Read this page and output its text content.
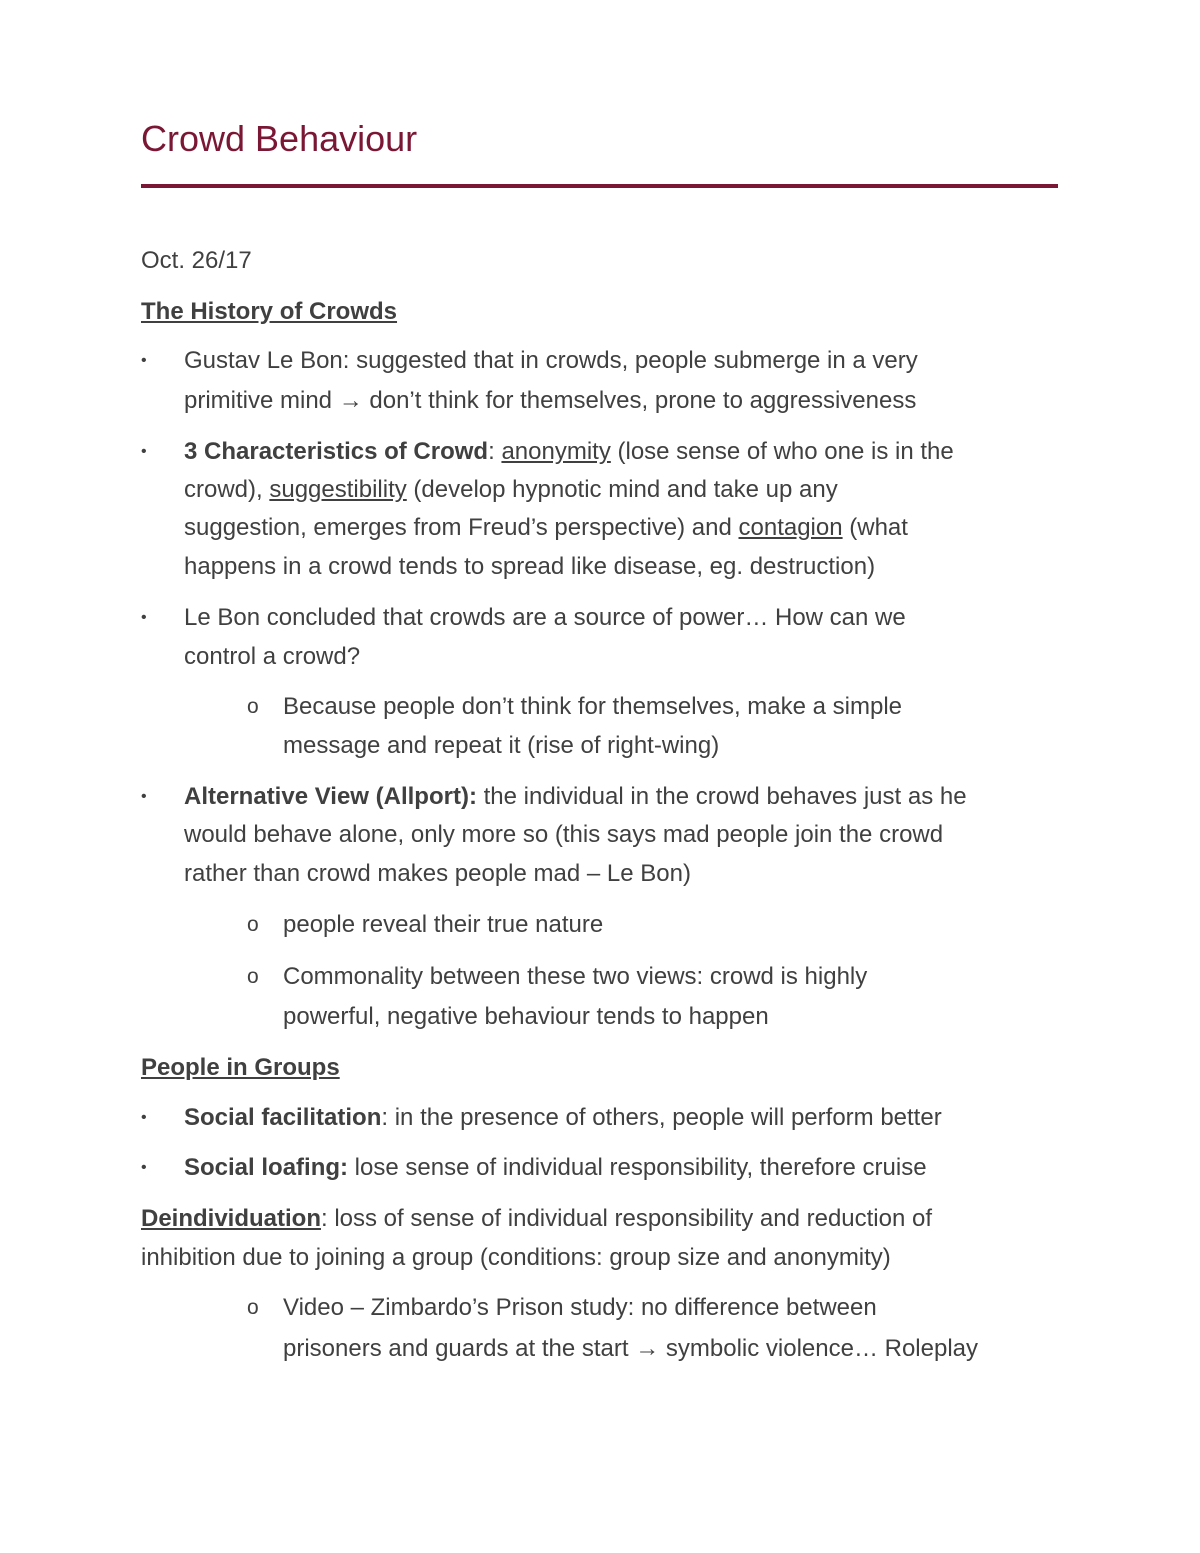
Crowd Behaviour
Oct. 26/17
The History of Crowds
• Gustav Le Bon: suggested that in crowds, people submerge in a very
primitive mind → don’t think for themselves, prone to aggressiveness
• 3 Characteristics of Crowd: anonymity (lose sense of who one is in the
crowd), suggestibility (develop hypnotic mind and take up any
suggestion, emerges from Freud’s perspective) and contagion (what
happens in a crowd tends to spread like disease, eg. destruction)
• Le Bon concluded that crowds are a source of power… How can we
control a crowd?
o Because people don’t think for themselves, make a simple
message and repeat it (rise of right-wing)
• Alternative View (Allport): the individual in the crowd behaves just as he
would behave alone, only more so (this says mad people join the crowd
rather than crowd makes people mad – Le Bon)
o people reveal their true nature
o Commonality between these two views: crowd is highly
powerful, negative behaviour tends to happen
People in Groups
• Social facilitation: in the presence of others, people will perform better
• Social loafing: lose sense of individual responsibility, therefore cruise
Deindividuation: loss of sense of individual responsibility and reduction of
inhibition due to joining a group (conditions: group size and anonymity)
o Video – Zimbardo’s Prison study: no difference between
prisoners and guards at the start → symbolic violence… Roleplay
